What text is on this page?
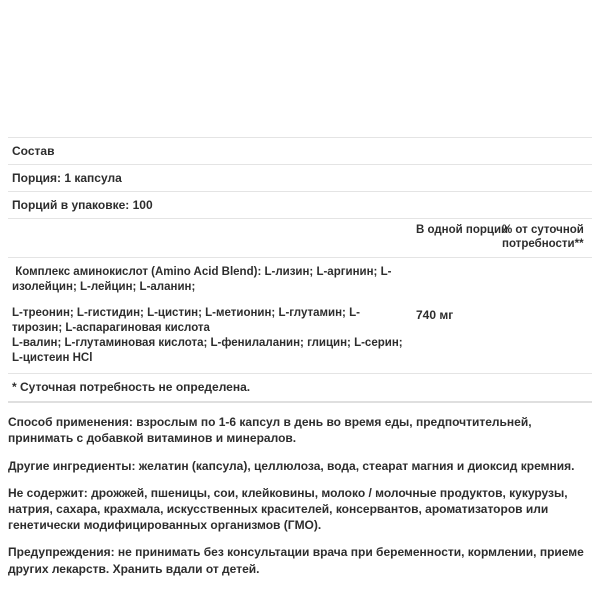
Состав
Порция: 1 капсула
Порций в упаковке: 100
В одной порции
% от суточной потребности**

Комплекс аминокислот (Amino Acid Blend): L-лизин; L-аргинин; L-изолейцин; L-лейцин; L-аланин;

L-треонин; L-гистидин; L-цистин; L-метионин; L-глутамин; L-тирозин; L-аспарагиновая кислота

L-валин; L-глутаминовая кислота; L-фенилаланин; глицин; L-серин; L-цистеин HCl

740 мг
* Суточная потребность не определена.

Способ применения: взрослым по 1-6 капсул в день во время еды, предпочтительней, принимать с добавкой витаминов и минералов.

Другие ингредиенты: желатин (капсула), целлюлоза, вода, стеарат магния и диоксид кремния.

Не содержит: дрожжей, пшеницы, сои, клейковины, молоко / молочные продуктов, кукурузы, натрия, сахара, крахмала, искусственных красителей, консервантов, ароматизаторов или генетически модифицированных организмов (ГМО).

Предупреждения: не принимать без консультации врача при беременности, кормлении, приеме других лекарств. Хранить вдали от детей.
